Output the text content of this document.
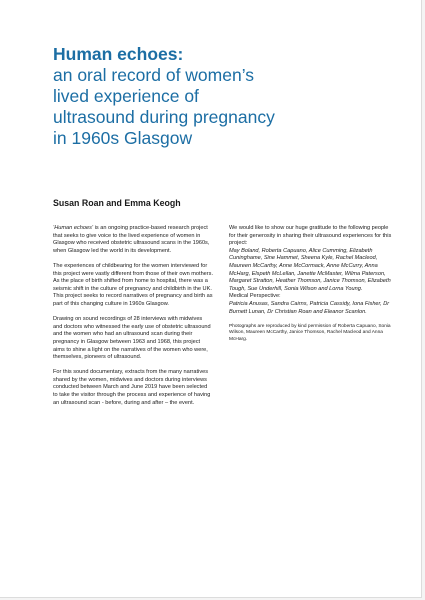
Human echoes:
an oral record of women’s lived experience of ultrasound during pregnancy in 1960s Glasgow
Susan Roan and Emma Keogh

‘Human echoes’ is an ongoing practice-based research project that seeks to give voice to the lived experience of women in Glasgow who received obstetric ultrasound scans in the 1960s, when Glasgow led the world in its development.

The experiences of childbearing for the women interviewed for this project were vastly different from those of their own mothers. As the place of birth shifted from home to hospital, there was a seismic shift in the culture of pregnancy and childbirth in the UK. This project seeks to record narratives of pregnancy and birth as part of this changing culture in 1960s Glasgow.

Drawing on sound recordings of 28 interviews with midwives and doctors who witnessed the early use of obstetric ultrasound and the women who had an ultrasound scan during their pregnancy in Glasgow between 1963 and 1968, this project aims to shine a light on the narratives of the women who were, themselves, pioneers of ultrasound.

For this sound documentary, extracts from the many narratives shared by the women, midwives and doctors during interviews conducted between March and June 2019 have been selected to take the visitor through the process and experience of having an ultrasound scan - before, during and after – the event.

We would like to show our huge gratitude to the following people for their generosity in sharing their ultrasound experiences for this project:

May Boland, Roberta Capuano, Alice Cumming, Elizabeth Cuninghame, Sine Hammet, Sheena Kyle, Rachel Macleod, Maureen McCarthy, Anne McCormack, Anne McCurry, Anna McHarg, Elspeth McLellan, Janette McMaster, Wilma Paterson, Margaret Stratton, Heather Thomson, Janice Thomson, Elizabeth Tough, Sue Underhill, Sonia Wilson and Lorna Young.

Medical Perspective:

Patricia Anusas, Sandra Cairns, Patricia Cassidy, Iona Fisher, Dr Burnett Lunan, Dr Christian Roan and Eleanor Scanlon.

Photographs are reproduced by kind permission of Roberta Capuano, Sonia Wilson, Maureen McCarthy, Janice Thomson, Rachel Macleod and Anna McHarg.
